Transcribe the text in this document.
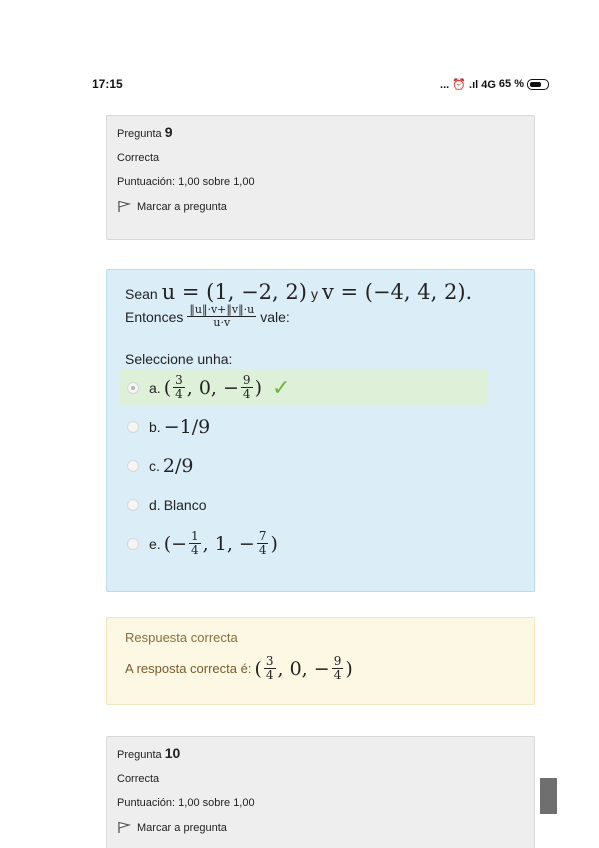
17:15	... ⏰ .ıl 4G 65 %
Pregunta 9
Correcta
Puntuación: 1,00 sobre 1,00
Marcar a pregunta
Sean u = (1, −2, 2) y v = (−4, 4, 2).
Entonces $\frac{‖u‖\cdot v+‖v‖\cdot u}{u\cdot v}$ vale:
Seleccione unha:
a. ( $\frac{3}{4}$ , 0, − $\frac{9}{4}$ ) ✓
b. −1/9
c. 2/9
d. Blanco
e. (− $\frac{1}{4}$ , 1, − $\frac{7}{4}$ )
Respuesta correcta
A resposta correcta é: ( $\frac{3}{4}$ , 0, − $\frac{9}{4}$ )
Pregunta 10
Correcta
Puntuación: 1,00 sobre 1,00
Marcar a pregunta
